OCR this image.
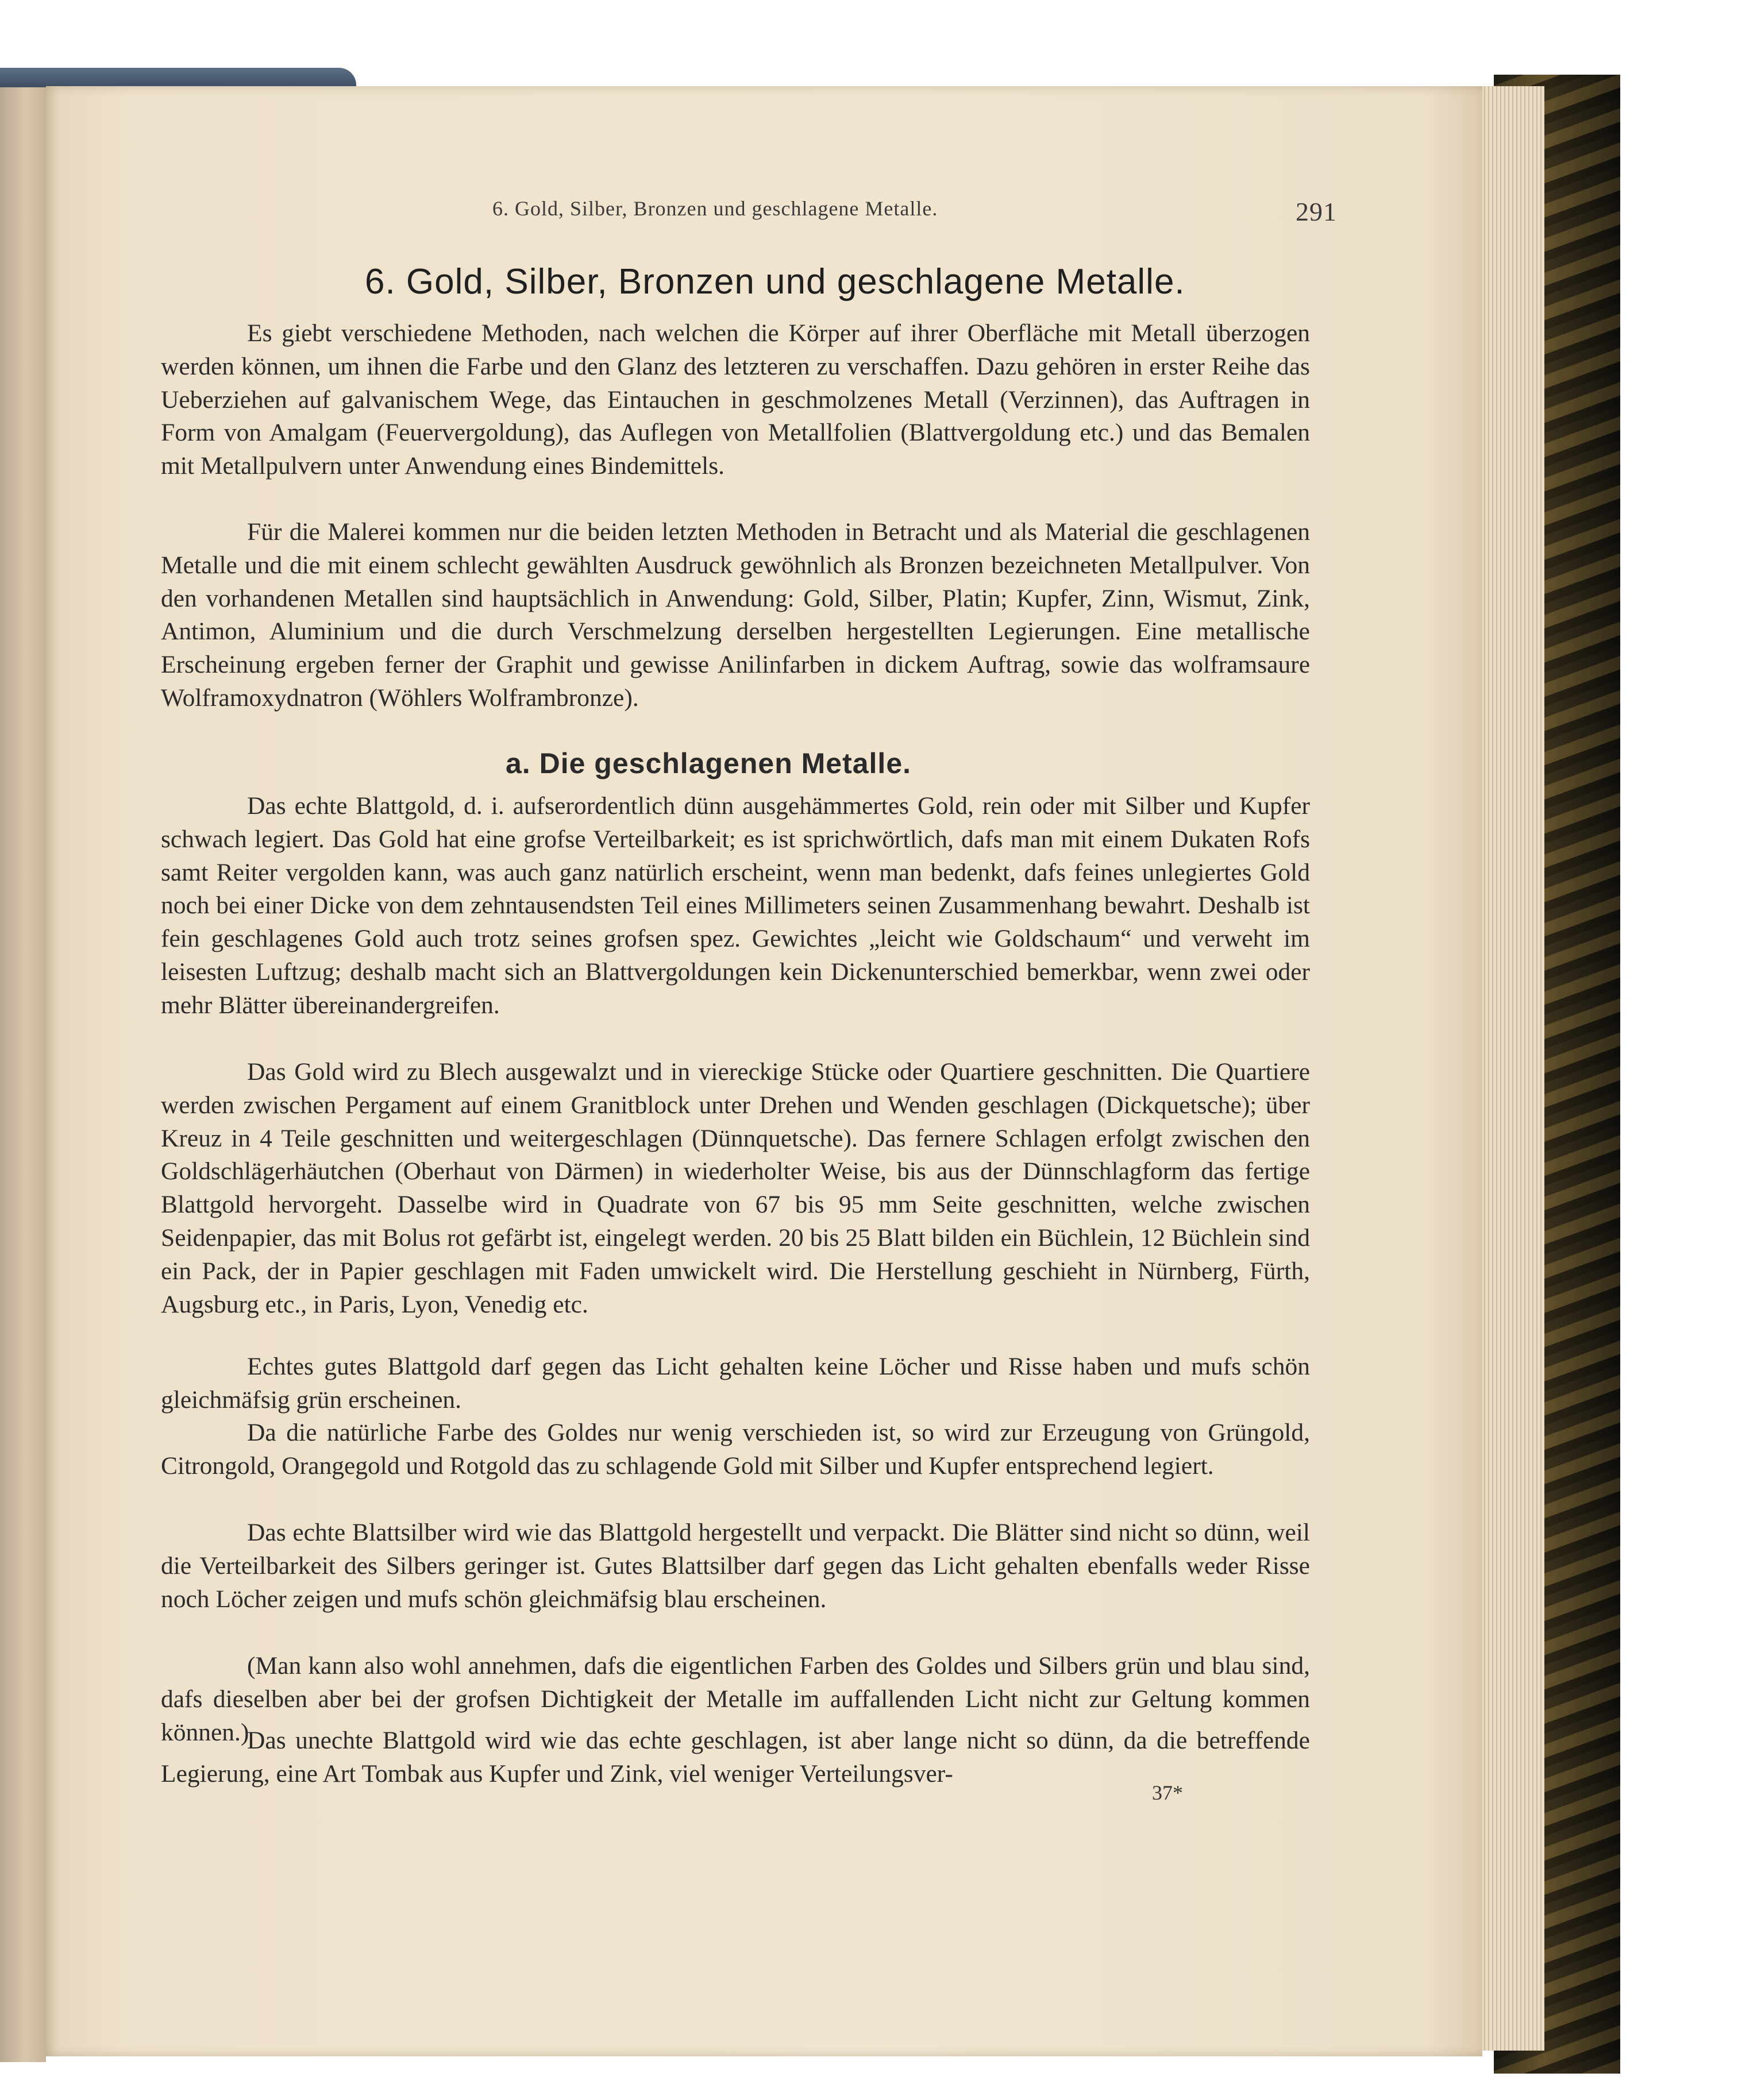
6. Gold, Silber, Bronzen und geschlagene Metalle.	291
6. Gold, Silber, Bronzen und geschlagene Metalle.

Es giebt verschiedene Methoden, nach welchen die Körper auf ihrer Oberfläche mit Metall überzogen werden können, um ihnen die Farbe und den Glanz des letzteren zu verschaffen. Dazu gehören in erster Reihe das Ueberziehen auf galvanischem Wege, das Eintauchen in geschmolzenes Metall (Verzinnen), das Auftragen in Form von Amalgam (Feuervergoldung), das Auflegen von Metallfolien (Blattvergoldung etc.) und das Bemalen mit Metallpulvern unter Anwendung eines Bindemittels.

Für die Malerei kommen nur die beiden letzten Methoden in Betracht und als Material die geschlagenen Metalle und die mit einem schlecht gewählten Ausdruck gewöhnlich als Bronzen bezeichneten Metallpulver. Von den vorhandenen Metallen sind hauptsächlich in Anwendung: Gold, Silber, Platin; Kupfer, Zinn, Wismut, Zink, Antimon, Aluminium und die durch Verschmelzung derselben hergestellten Legierungen. Eine metallische Erscheinung ergeben ferner der Graphit und gewisse Anilinfarben in dickem Auftrag, sowie das wolframsaure Wolframoxydnatron (Wöhlers Wolframbronze).

a. Die geschlagenen Metalle.

Das echte Blattgold, d. i. aufserordentlich dünn ausgehämmertes Gold, rein oder mit Silber und Kupfer schwach legiert. Das Gold hat eine grofse Verteilbarkeit; es ist sprichwörtlich, dafs man mit einem Dukaten Rofs samt Reiter vergolden kann, was auch ganz natürlich erscheint, wenn man bedenkt, dafs feines unlegiertes Gold noch bei einer Dicke von dem zehntausendsten Teil eines Millimeters seinen Zusammenhang bewahrt. Deshalb ist fein geschlagenes Gold auch trotz seines grofsen spez. Gewichtes „leicht wie Goldschaum“ und verweht im leisesten Luftzug; deshalb macht sich an Blattvergoldungen kein Dickenunterschied bemerkbar, wenn zwei oder mehr Blätter übereinandergreifen.

Das Gold wird zu Blech ausgewalzt und in viereckige Stücke oder Quartiere geschnitten. Die Quartiere werden zwischen Pergament auf einem Granitblock unter Drehen und Wenden geschlagen (Dickquetsche); über Kreuz in 4 Teile geschnitten und weitergeschlagen (Dünnquetsche). Das fernere Schlagen erfolgt zwischen den Goldschlägerhäutchen (Oberhaut von Därmen) in wiederholter Weise, bis aus der Dünnschlagform das fertige Blattgold hervorgeht. Dasselbe wird in Quadrate von 67 bis 95 mm Seite geschnitten, welche zwischen Seidenpapier, das mit Bolus rot gefärbt ist, eingelegt werden. 20 bis 25 Blatt bilden ein Büchlein, 12 Büchlein sind ein Pack, der in Papier geschlagen mit Faden umwickelt wird. Die Herstellung geschieht in Nürnberg, Fürth, Augsburg etc., in Paris, Lyon, Venedig etc.

Echtes gutes Blattgold darf gegen das Licht gehalten keine Löcher und Risse haben und mufs schön gleichmäfsig grün erscheinen.

Da die natürliche Farbe des Goldes nur wenig verschieden ist, so wird zur Erzeugung von Grüngold, Citrongold, Orangegold und Rotgold das zu schlagende Gold mit Silber und Kupfer entsprechend legiert.

Das echte Blattsilber wird wie das Blattgold hergestellt und verpackt. Die Blätter sind nicht so dünn, weil die Verteilbarkeit des Silbers geringer ist. Gutes Blattsilber darf gegen das Licht gehalten ebenfalls weder Risse noch Löcher zeigen und mufs schön gleichmäfsig blau erscheinen.

(Man kann also wohl annehmen, dafs die eigentlichen Farben des Goldes und Silbers grün und blau sind, dafs dieselben aber bei der grofsen Dichtigkeit der Metalle im auffallenden Licht nicht zur Geltung kommen können.)

Das unechte Blattgold wird wie das echte geschlagen, ist aber lange nicht so dünn, da die betreffende Legierung, eine Art Tombak aus Kupfer und Zink, viel weniger Verteilungsver-

37*
